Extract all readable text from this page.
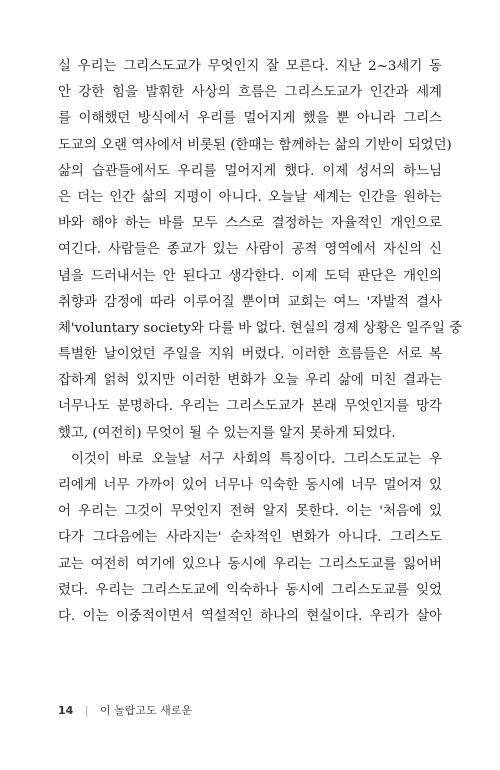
실 우리는 그리스도교가 무엇인지 잘 모른다. 지난 2~3세기 동
안 강한 힘을 발휘한 사상의 흐름은 그리스도교가 인간과 세계
를 이해했던 방식에서 우리를 멀어지게 했을 뿐 아니라 그리스
도교의 오랜 역사에서 비롯된 (한때는 함께하는 삶의 기반이 되었던)
삶의 습관들에서도 우리를 멀어지게 했다. 이제 성서의 하느님
은 더는 인간 삶의 지평이 아니다. 오늘날 세계는 인간을 원하는
바와 해야 하는 바를 모두 스스로 결정하는 자율적인 개인으로
여긴다. 사람들은 종교가 있는 사람이 공적 영역에서 자신의 신
념을 드러내서는 안 된다고 생각한다. 이제 도덕 판단은 개인의
취향과 감정에 따라 이루어질 뿐이며 교회는 여느 '자발적 결사
체'voluntary society와 다를 바 없다. 현실의 경제 상황은 일주일 중
특별한 날이었던 주일을 지워 버렸다. 이러한 흐름들은 서로 복
잡하게 얽혀 있지만 이러한 변화가 오늘 우리 삶에 미친 결과는
너무나도 분명하다. 우리는 그리스도교가 본래 무엇인지를 망각
했고, (여전히) 무엇이 될 수 있는지를 알지 못하게 되었다.

이것이 바로 오늘날 서구 사회의 특징이다. 그리스도교는 우
리에게 너무 가까이 있어 너무나 익숙한 동시에 너무 멀어져 있
어 우리는 그것이 무엇인지 전혀 알지 못한다. 이는 '처음에 있
다가 그다음에는 사라지는' 순차적인 변화가 아니다. 그리스도
교는 여전히 여기에 있으나 동시에 우리는 그리스도교를 잃어버
렸다. 우리는 그리스도교에 익숙하나 동시에 그리스도교를 잊었
다. 이는 이중적이면서 역설적인 하나의 현실이다. 우리가 살아

14 | 이 놀랍고도 새로운
